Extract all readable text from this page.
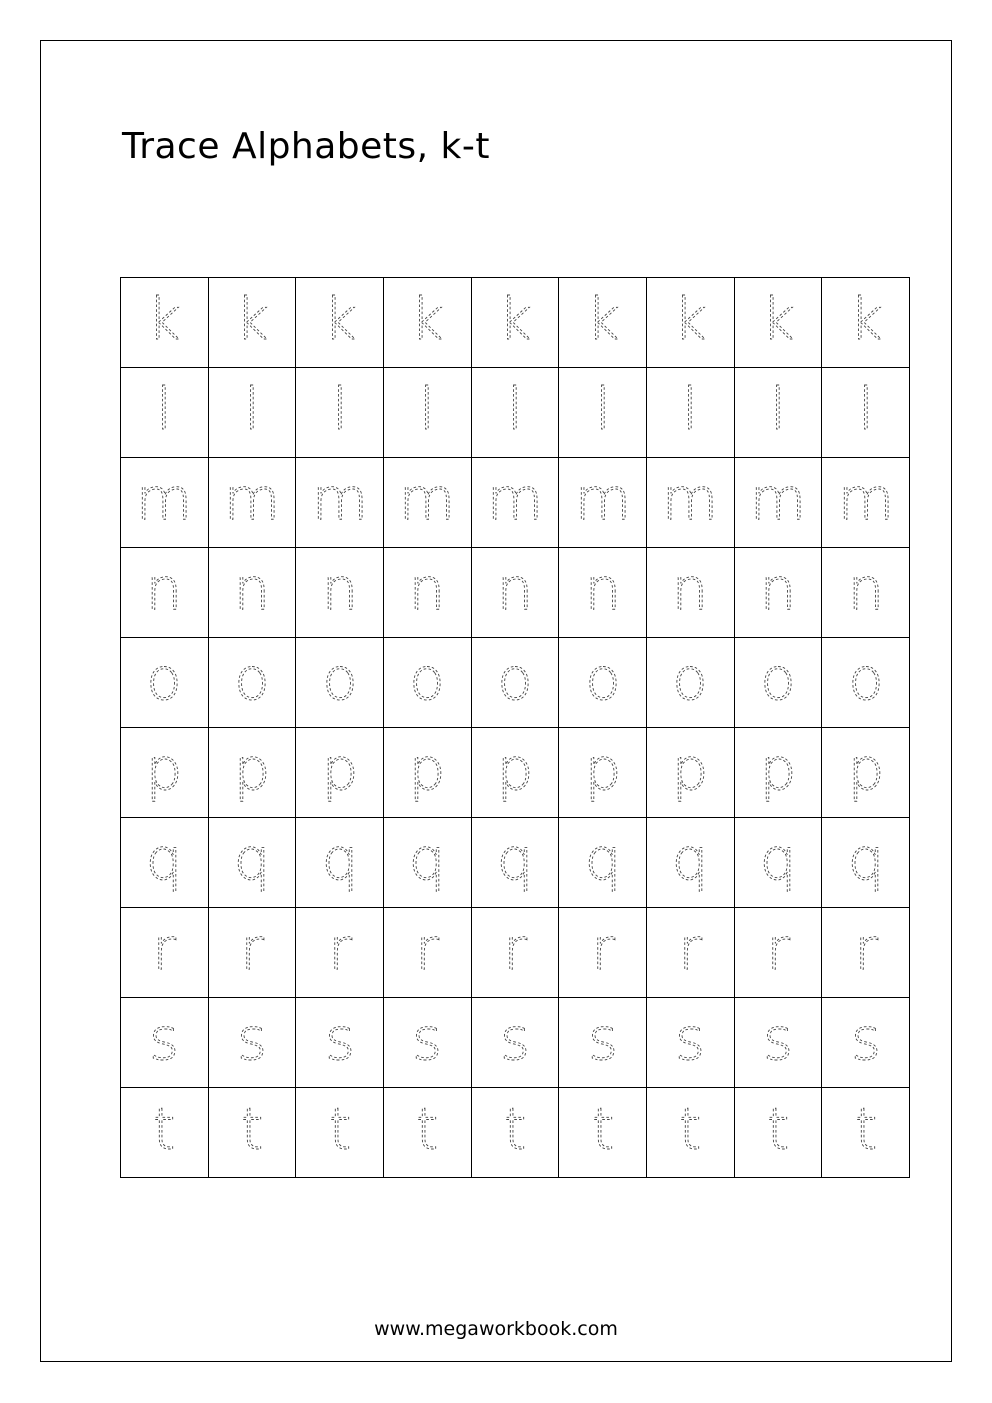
Trace Alphabets, k-t
k k k k k k k k k
l l l l l l l l l
m m m m m m m m m
n n n n n n n n n
o o o o o o o o o
p p p p p p p p p
q q q q q q q q q
r r r r r r r r r
s s s s s s s s s
t t t t t t t t t
www.megaworkbook.com
